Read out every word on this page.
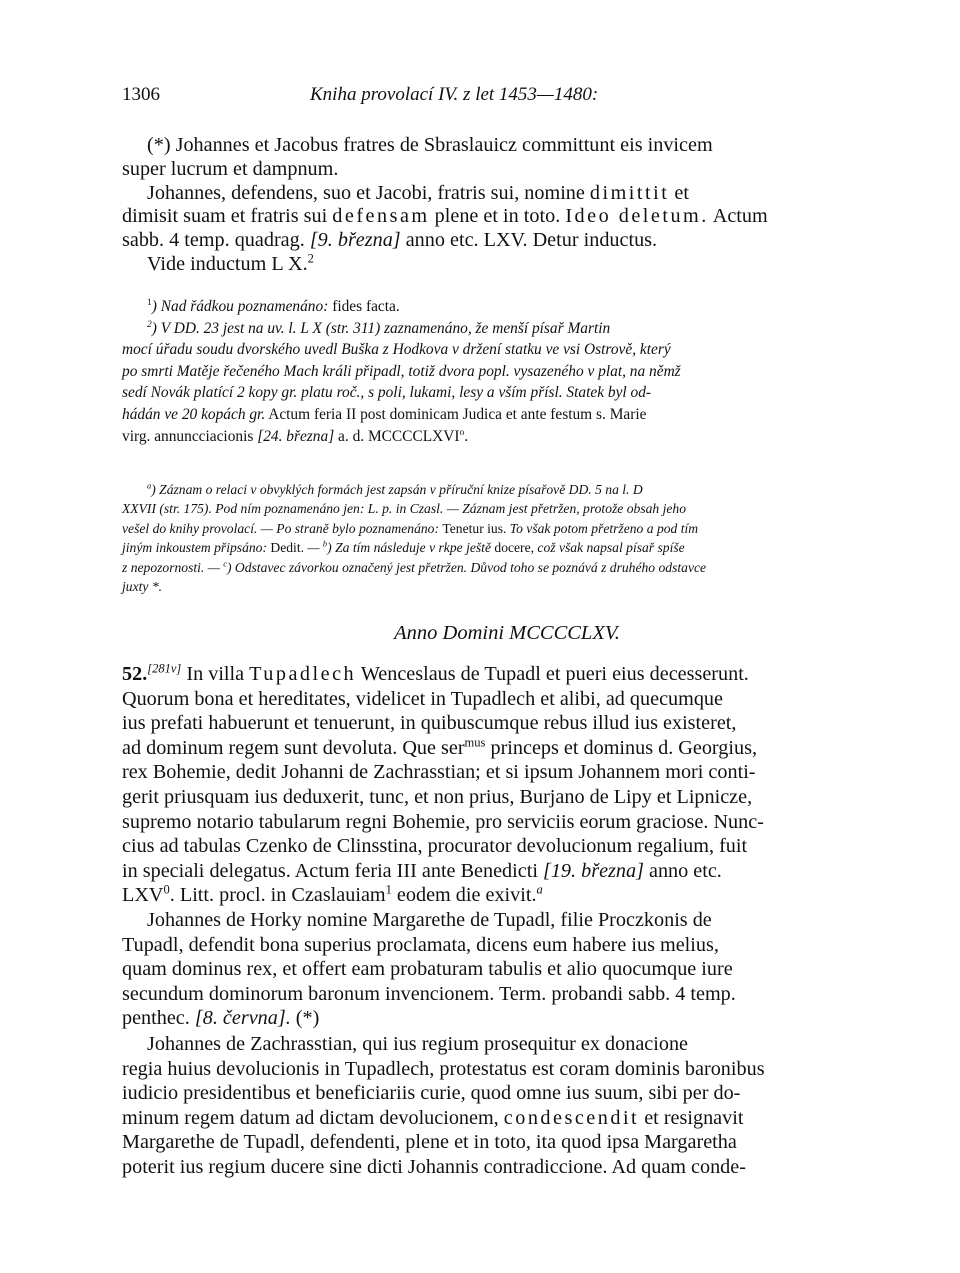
1306	Kniha provolací IV. z let 1453—1480:
(*) Johannes et Jacobus fratres de Sbraslauicz committunt eis invicem
super lucrum et dampnum.
Johannes, defendens, suo et Jacobi, fratris sui, nomine dimittit et
dimisit suam et fratris sui defensam plene et in toto. Ideo deletum. Actum
sabb. 4 temp. quadrag. [9. března] anno etc. LXV. Detur inductus.
Vide inductum L X.$^2$
$^1$) Nad řádkou poznamenáno: fides facta.
$^2$) V DD. 23 jest na uv. l. L X (str. 311) zaznamenáno, že menší písař Martin
mocí úřadu soudu dvorského uvedl Buška z Hodkova v držení statku ve vsi Ostrově, který
po smrti Matěje řečeného Mach králi připadl, totiž dvora popl. vysazeného v plat, na němž
sedí Novák platící 2 kopy gr. platu roč., s poli, lukami, lesy a vším přísl. Statek byl od-
hádán ve 20 kopách gr. Actum feria II post dominicam Judica et ante festum s. Marie
virg. annuncciacionis [24. března] a. d. MCCCCLXVI$^o$.
$^a$) Záznam o relaci v obvyklých formách jest zapsán v příruční knize písařově DD. 5 na l. D
XXVII (str. 175). Pod ním poznamenáno jen: L. p. in Czasl. — Záznam jest přetržen, protože obsah jeho
vešel do knihy provolací. — Po straně bylo poznamenáno: Tenetur ius. To však potom přetrženo a pod tím
jiným inkoustem připsáno: Dedit. — $^b$) Za tím následuje v rkpe ještě docere, což však napsal písař spíše
z nepozornosti. — $^c$) Odstavec závorkou označený jest přetržen. Důvod toho se poznává z druhého odstavce
juxty *.
Anno Domini MCCCCLXV.
52.[281v] In villa Tupadlech Wenceslaus de Tupadl et pueri eius decesserunt.
Quorum bona et hereditates, videlicet in Tupadlech et alibi, ad quecumque
ius prefati habuerunt et tenuerunt, in quibuscumque rebus illud ius existeret,
ad dominum regem sunt devoluta. Que ser$^{mus}$ princeps et dominus d. Georgius,
rex Bohemie, dedit Johanni de Zachrasstian; et si ipsum Johannem mori conti-
gerit priusquam ius deduxerit, tunc, et non prius, Burjano de Lipy et Lipnicze,
supremo notario tabularum regni Bohemie, pro serviciis eorum graciose. Nunc-
cius ad tabulas Czenko de Clinsstina, procurator devolucionum regalium, fuit
in speciali delegatus. Actum feria III ante Benedicti [19. března] anno etc.
LXV$^0$. Litt. procl. in Czaslauiam$^1$ eodem die exivit.$^a$
Johannes de Horky nomine Margarethe de Tupadl, filie Proczkonis de
Tupadl, defendit bona superius proclamata, dicens eum habere ius melius,
quam dominus rex, et offert eam probaturam tabulis et alio quocumque iure
secundum dominorum baronum invencionem. Term. probandi sabb. 4 temp.
penthec. [8. června]. (*)
Johannes de Zachrasstian, qui ius regium prosequitur ex donacione
regia huius devolucionis in Tupadlech, protestatus est coram dominis baronibus
iudicio presidentibus et beneficiariis curie, quod omne ius suum, sibi per do-
minum regem datum ad dictam devolucionem, condescendit et resignavit
Margarethe de Tupadl, defendenti, plene et in toto, ita quod ipsa Margaretha
poterit ius regium ducere sine dicti Johannis contradiccione. Ad quam conde-
